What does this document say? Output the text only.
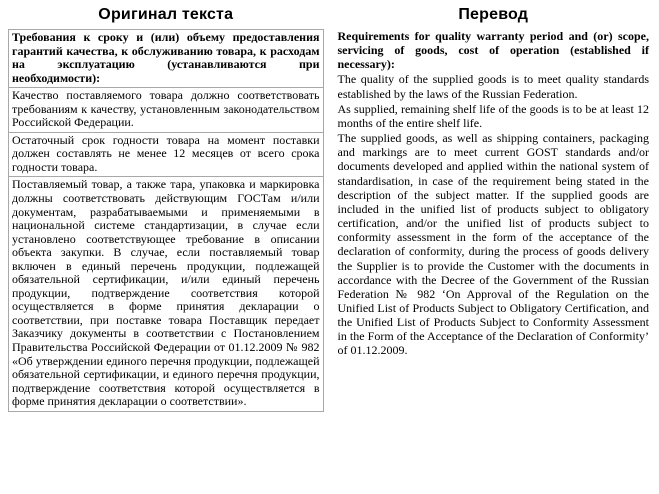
Оригинал текста

Требования к сроку и (или) объему предоставления гарантий качества, к обслуживанию товара, к расходам на эксплуатацию (устанавливаются при необходимости):

Качество поставляемого товара должно соответствовать требованиям к качеству, установленным законодательством Российской Федерации.

Остаточный срок годности товара на момент поставки должен составлять не менее 12 месяцев от всего срока годности товара.

Поставляемый товар, а также тара, упаковка и маркировка должны соответствовать действующим ГОСТам и/или документам, разрабатываемыми и применяемыми в национальной системе стандартизации, в случае если установлено соответствующее требование в описании объекта закупки. В случае, если поставляемый товар включен в единый перечень продукции, подлежащей обязательной сертификации, и/или единый перечень продукции, подтверждение соответствия которой осуществляется в форме принятия декларации о соответствии, при поставке товара Поставщик передает Заказчику документы в соответствии с Постановлением Правительства Российской Федерации от 01.12.2009 № 982 «Об утверждении единого перечня продукции, подлежащей обязательной сертификации, и единого перечня продукции, подтверждение соответствия которой осуществляется в форме принятия декларации о соответствии».

Перевод

Requirements for quality warranty period and (or) scope, servicing of goods, cost of operation (established if necessary):

The quality of the supplied goods is to meet quality standards established by the laws of the Russian Federation.

As supplied, remaining shelf life of the goods is to be at least 12 months of the entire shelf life.

The supplied goods, as well as shipping containers, packaging and markings are to meet current GOST standards and/or documents developed and applied within the national system of standardisation, in case of the requirement being stated in the description of the subject matter. If the supplied goods are included in the unified list of products subject to obligatory certification, and/or the unified list of products subject to conformity assessment in the form of the acceptance of the declaration of conformity, during the process of goods delivery the Supplier is to provide the Customer with the documents in accordance with the Decree of the Government of the Russian Federation № 982 ‘On Approval of the Regulation on the Unified List of Products Subject to Obligatory Certification, and the Unified List of Products Subject to Conformity Assessment in the Form of the Acceptance of the Declaration of Conformity’ of 01.12.2009.
